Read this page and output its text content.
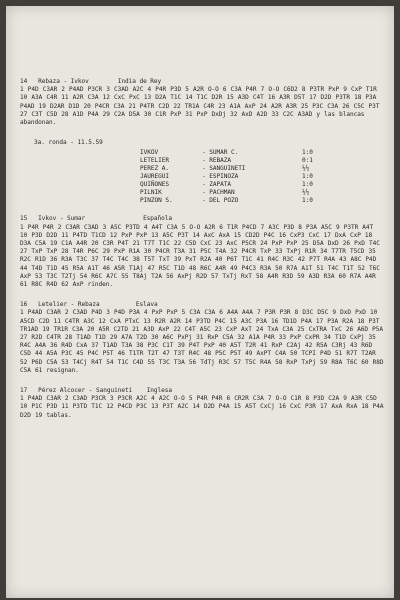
14 Rebaza - Ivkov	India de Rey

1 P4D C3AR 2 P4AD P3CR 3 C3AD A2C 4 P4R P3D 5 A2R O-O 6 C3A P4R 7 O-O C6D2 8 P3TR PxP 9 CxP T1R 10 A3A C4R 11 A2R C3A 12 CxC PxC 13 D2A T1C 14 T1C D2R 15 A3D C4T 16 A3R D5T 17 D2D P3TR 18 P3A P4AD 19 D2AR D1D 20 P4CR C3A 21 P4TR C2D 22 TR1A C4R 23 A1A AxP 24 A2R A3R 25 P3C C3A 26 C5C P3T 27 C3T C5D 28 A1D P4A 29 C2A D5A 30 C1R PxP 31 PxP DxDj 32 AxD A2D 33 C2C A3AD y las blancas abandonan.

3a. ronda - 11.5.59
IVKOV	- SUMAR C.	1:0
LETELIER	- REBAZA	0:1
PEREZ A.	- SANGUINETI	½½
JAUREGUI	- ESPINOZA	1:0
QUIÑONES	- ZAPATA	1:0
PILNIK	- PACHMAN	½½
PINZON S.	- DEL POZO	1:0
15 Ivkov - Sumar	Española

1 P4R P4R 2 C3AR C3AD 3 A5C P3TD 4 A4T C3A 5 O-O A2R 6 T1R P4CD 7 A3C P3D 8 P3A A5C 9 P3TR A4T 10 P3D D2D 11 P4TD T1CD 12 PxP PxP 13 A5C P3T 14 AxC AxA 15 CD2D P4C 16 CxP3 CxC 17 DxA CxP 18 D3A C5A 19 C1A A4R 20 C3R P4T 21 T7T T1C 22 C5D CxC 23 AxC P5CR 24 PxP PxP 25 D5A DxD 26 PxD T4C 27 TxP TxP 28 T4R P6C 29 PxP R1A 30 P4CR T3A 31 P5C T4A 32 P4CR TxP 33 TxPj R1R 34 T7TR T5CD 35 R2C R1D 36 R3A T3C 37 T4C T4C 38 T5T TxT 39 PxT R2A 40 P6T T1C 41 R4C R3C 42 P7T R4A 43 A8C P4D 44 T4D T1D 45 R5A A1T 46 A5R T1Aj 47 R5C T1D 48 R6C A4R 49 P4C3 R3A 50 R7A A1T 51 T4C T1T 52 T6C AxP 53 T3C T2Tj 54 R6C A7C 55 T8Aj T2A 56 AxPj R2D 57 TxTj RxT 58 A4R R3D 59 A3D R3A 60 R7A A4R 61 R8C R4D 62 AxP rinden.

16 Letelier - Rebaza	Eslava

1 P4AD C3AR 2 C3AD P4D 3 P4D P3A 4 PxP PxP 5 C3A C3A 6 A4A A4A 7 P3R P3R 8 D3C D5C 9 DxD PxD 10 A5CD C2D 11 C4TR A3C 12 CxA PTxC 13 R2R A2R 14 P3TD P4C 15 A3C P3A 16 TD1D P4A 17 P3A R2A 18 P3T TR1AD 19 TR1R C3A 20 A5R C2TD 21 A3D AxP 22 C4T A5C 23 CxP AxT 24 TxA C3A 25 CxTRA TxC 26 A6D P5A 27 R2D C4TR 28 T1AD T1D 29 A7A T2D 30 A6C PxPj 31 RxP C5A 32 A1A P4R 33 PxP CxPR 34 T1D CxPj 35 R4C A4A 36 R4D CxA 37 T1AD T3A 38 P3C C1T 39 P4T PxP 40 A5T T2R 41 RxP C2Aj 42 R5A C3Rj 43 R6D C5D 44 A5A P3C 45 P4C P5T 46 T1TR T2T 47 T3T R4C 48 P5C P5T 49 AxPT C4A 50 TCPI P4D 51 R7T T2AR 52 P6D C5A 53 T4Cj R4T 54 T1C C4D 55 T3C T3A 56 TdTj R3C 57 T5C R4A 58 RxP TxPj 59 R8A T6C 60 R8D C5A 61 resignan.

17 Pérez Alcocer - Sanguineti Inglesa

1 P4AD C3AR 2 C3AD P3CR 3 P3CR A2C 4 A2C O-O 5 P4R P4R 6 CR2R C3A 7 O-O C1R 8 P3D C2A 9 A3R C5D 10 P1C P3D 11 P3TD T1C 12 P4CD P3C 13 P3T A2C 14 D2D P4A 15 A5T CxCj 16 CxC P3R 17 AxA RxA 18 P4A D2D 19 tablas.
